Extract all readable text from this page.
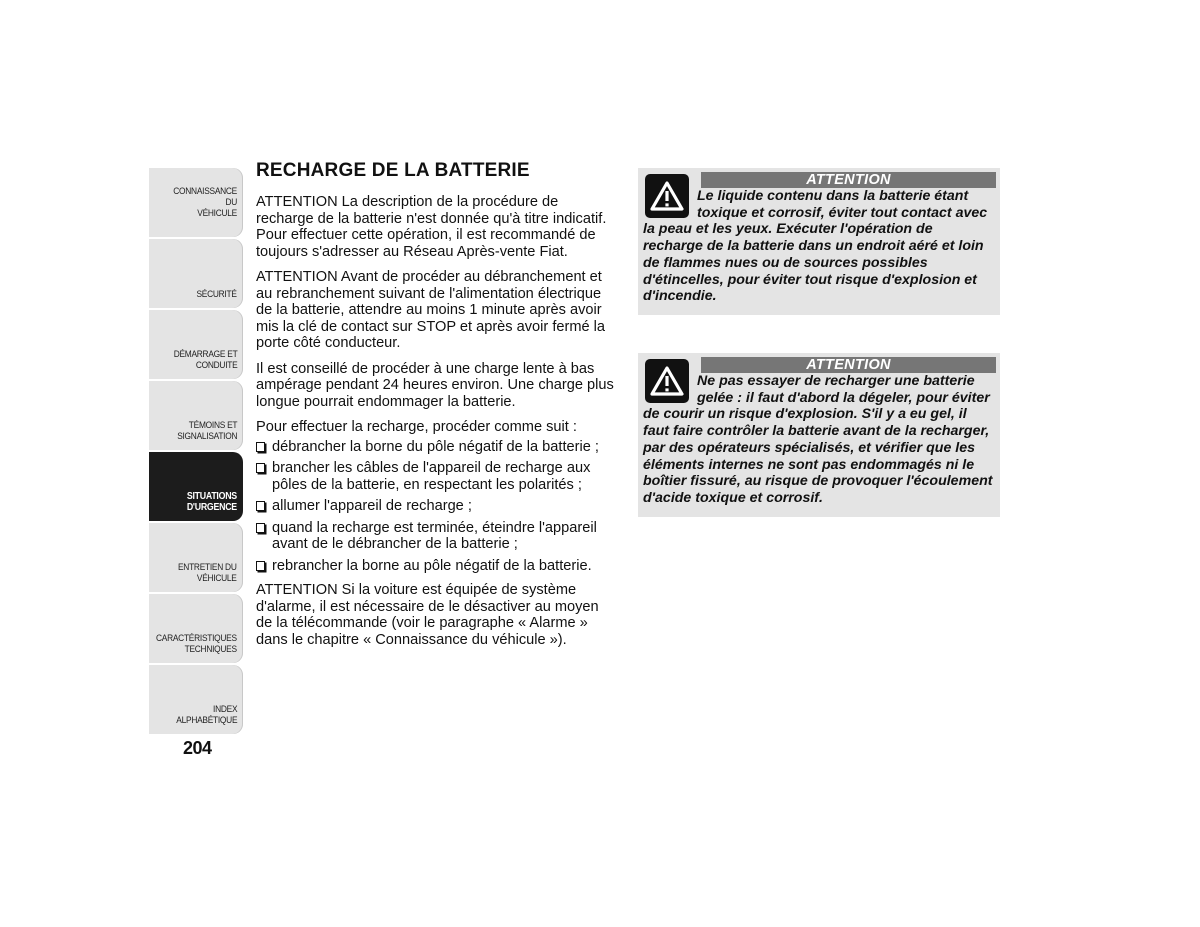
CONNAISSANCE DU
VÉHICULE
SÉCURITÉ
DÉMARRAGE ET
CONDUITE
TÉMOINS ET
SIGNALISATION
SITUATIONS
D'URGENCE
ENTRETIEN DU
VÉHICULE
CARACTÉRISTIQUES
TECHNIQUES
INDEX
ALPHABÉTIQUE
204
RECHARGE DE LA BATTERIE

ATTENTION La description de la procédure de recharge de la batterie n'est donnée qu'à titre indicatif. Pour effectuer cette opération, il est recommandé de toujours s'adresser au Réseau Après-vente Fiat.

ATTENTION Avant de procéder au débranchement et au rebranchement suivant de l'alimentation électrique de la batterie, attendre au moins 1 minute après avoir mis la clé de contact sur STOP et après avoir fermé la porte côté conducteur.

Il est conseillé de procéder à une charge lente à bas ampérage pendant 24 heures environ. Une charge plus longue pourrait endommager la batterie.

Pour effectuer la recharge, procéder comme suit :

débrancher la borne du pôle négatif de la batterie ;
brancher les câbles de l'appareil de recharge aux pôles de la batterie, en respectant les polarités ;
allumer l'appareil de recharge ;
quand la recharge est terminée, éteindre l'appareil avant de le débrancher de la batterie ;
rebrancher la borne au pôle négatif de la batterie.

ATTENTION Si la voiture est équipée de système d'alarme, il est nécessaire de le désactiver au moyen de la télécommande (voir le paragraphe « Alarme » dans le chapitre « Connaissance du véhicule »).

ATTENTION

Le liquide contenu dans la batterie étant toxique et corrosif, éviter tout contact avec la peau et les yeux. Exécuter l'opération de recharge de la batterie dans un endroit aéré et loin de flammes nues ou de sources possibles d'étincelles, pour éviter tout risque d'explosion et d'incendie.

ATTENTION

Ne pas essayer de recharger une batterie gelée : il faut d'abord la dégeler, pour éviter de courir un risque d'explosion. S'il y a eu gel, il faut faire contrôler la batterie avant de la recharger, par des opérateurs spécialisés, et vérifier que les éléments internes ne sont pas endommagés ni le boîtier fissuré, au risque de provoquer l'écoulement d'acide toxique et corrosif.
